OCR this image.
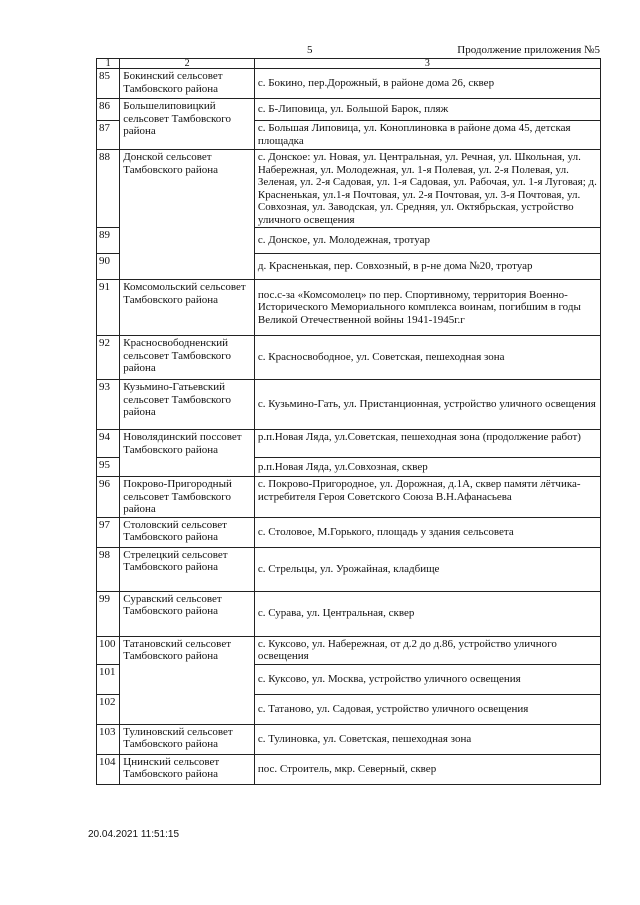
5	Продолжение приложения №5
1	2	3
85	Бокинский сельсовет Тамбовского района	с. Бокино, пер.Дорожный, в районе дома 26, сквер
86	Большелиповицкий сельсовет Тамбовского района	с. Б-Липовица, ул. Большой Барок, пляж
87		с. Большая Липовица, ул. Коноплиновка в районе дома 45, детская площадка
88	Донской сельсовет Тамбовского района	с. Донское: ул. Новая, ул. Центральная, ул. Речная, ул. Школьная, ул. Набережная, ул. Молодежная, ул. 1-я Полевая, ул. 2-я Полевая, ул. Зеленая, ул. 2-я Садовая, ул. 1-я Садовая, ул. Рабочая, ул. 1-я Луговая; д. Красненькая, ул.1-я Почтовая, ул. 2-я Почтовая, ул. 3-я Почтовая, ул. Совхозная, ул. Заводская, ул. Средняя, ул. Октябрьская, устройство уличного освещения
89		с. Донское, ул. Молодежная, тротуар
90		д. Красненькая, пер. Совхозный, в р-не дома №20, тротуар
91	Комсомольский сельсовет Тамбовского района	пос.с-за «Комсомолец» по пер. Спортивному, территория Военно-Исторического Мемориального комплекса воинам, погибшим в годы Великой Отечественной войны 1941-1945г.г
92	Красносвободненский сельсовет Тамбовского района	с. Красносвободное, ул. Советская, пешеходная зона
93	Кузьмино-Гатьевский сельсовет Тамбовского района	с. Кузьмино-Гать, ул. Пристанционная, устройство уличного освещения
94	Новолядинский поссовет Тамбовского района	р.п.Новая Ляда, ул.Советская, пешеходная зона (продолжение работ)
95		р.п.Новая Ляда, ул.Совхозная, сквер
96	Покрово-Пригородный сельсовет Тамбовского района	с. Покрово-Пригородное, ул. Дорожная, д.1А, сквер памяти лётчика-истребителя Героя Советского Союза В.Н.Афанасьева
97	Столовский сельсовет Тамбовского района	с. Столовое, М.Горького, площадь у здания сельсовета
98	Стрелецкий сельсовет Тамбовского района	с. Стрельцы, ул. Урожайная, кладбище
99	Суравский сельсовет Тамбовского района	с. Сурава, ул. Центральная, сквер
100	Татановский сельсовет Тамбовского района	с. Куксово, ул. Набережная, от д.2 до д.86, устройство уличного освещения
101		с. Куксово, ул. Москва, устройство уличного освещения
102		с. Татаново, ул. Садовая, устройство уличного освещения
103	Тулиновский сельсовет Тамбовского района	с. Тулиновка, ул. Советская, пешеходная зона
104	Цнинский сельсовет Тамбовского района	пос. Строитель, мкр. Северный, сквер
20.04.2021 11:51:15
